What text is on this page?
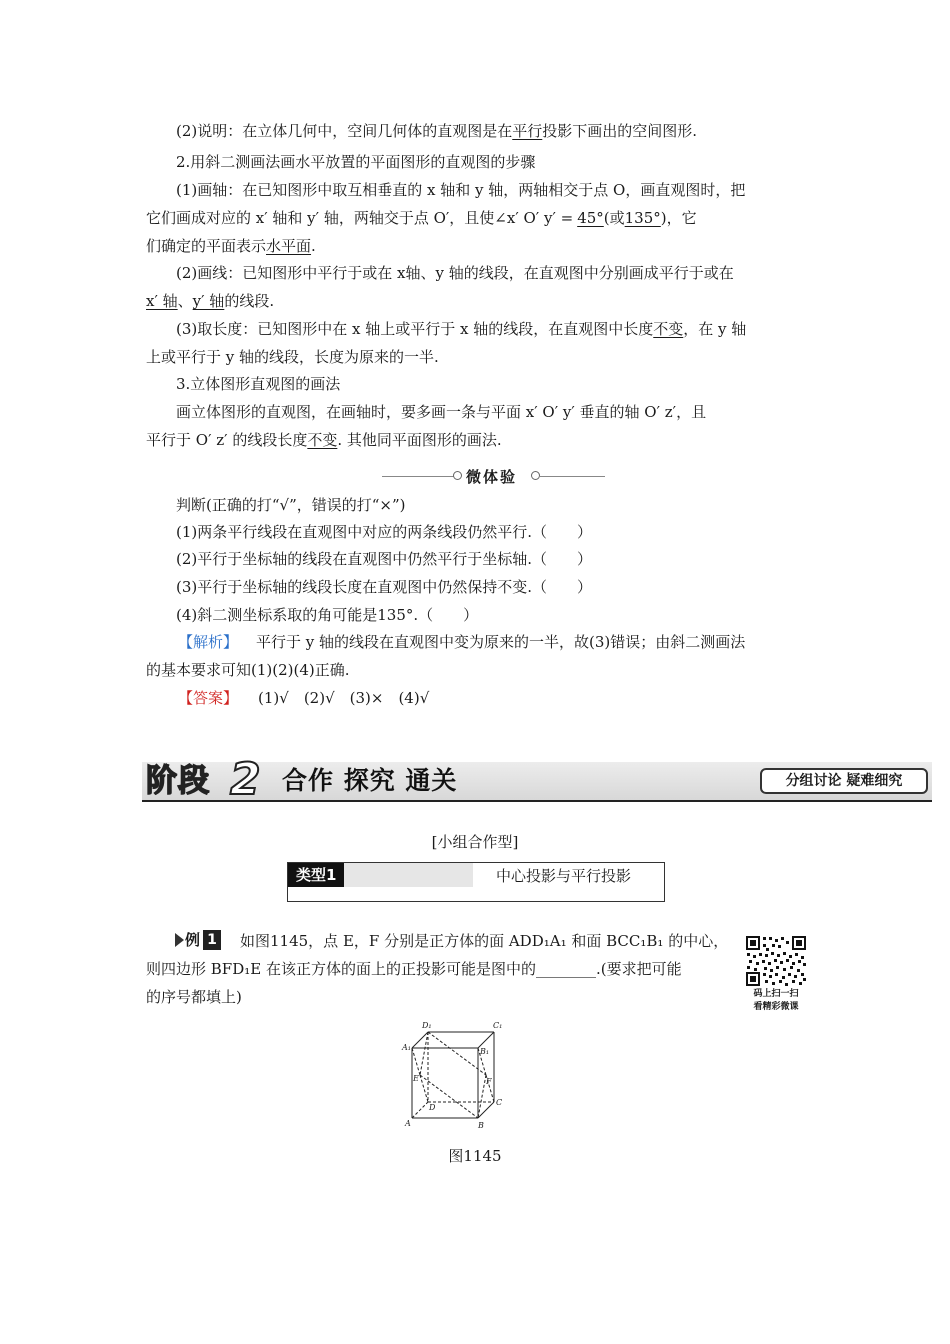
(2)说明：在立体几何中，空间几何体的直观图是在平行投影下画出的空间图形.
2.用斜二测画法画水平放置的平面图形的直观图的步骤
(1)画轴：在已知图形中取互相垂直的 x 轴和 y 轴，两轴相交于点 O，画直观图时，把
它们画成对应的 x′ 轴和 y′ 轴，两轴交于点 O′，且使∠x′ O′ y′ = 45°(或135°)，它
们确定的平面表示水平面.
(2)画线：已知图形中平行于或在 x轴、y 轴的线段，在直观图中分别画成平行于或在
x′ 轴、y′ 轴的线段.
(3)取长度：已知图形中在 x 轴上或平行于 x 轴的线段，在直观图中长度不变，在 y 轴
上或平行于 y 轴的线段，长度为原来的一半.
3.立体图形直观图的画法
画立体图形的直观图，在画轴时，要多画一条与平面 x′ O′ y′ 垂直的轴 O′ z′，且
平行于 O′ z′ 的线段长度不变. 其他同平面图形的画法.
微体验
判断(正确的打“√”，错误的打“×”)
(1)两条平行线段在直观图中对应的两条线段仍然平行.（　　）
(2)平行于坐标轴的线段在直观图中仍然平行于坐标轴.（　　）
(3)平行于坐标轴的线段长度在直观图中仍然保持不变.（　　）
(4)斜二测坐标系取的角可能是135°.（　　）
【解析】 平行于 y 轴的线段在直观图中变为原来的一半，故(3)错误；由斜二测画法
的基本要求可知(1)(2)(4)正确.
【答案】 (1)√　(2)√　(3)×　(4)√
阶段 2 合作 探究 通关	分组讨论 疑难细究
[小组合作型]
类型1	中心投影与平行投影
例 1 如图1145，点 E，F 分别是正方体的面 ADD₁A₁ 和面 BCC₁B₁ 的中心，
则四边形 BFD₁E 在该正方体的面上的正投影可能是图中的________.(要求把可能
的序号都填上)	码上扫一扫
看精彩微课
D₁	C₁
A₁	B₁
E	F
D
C
A	B
图1145
